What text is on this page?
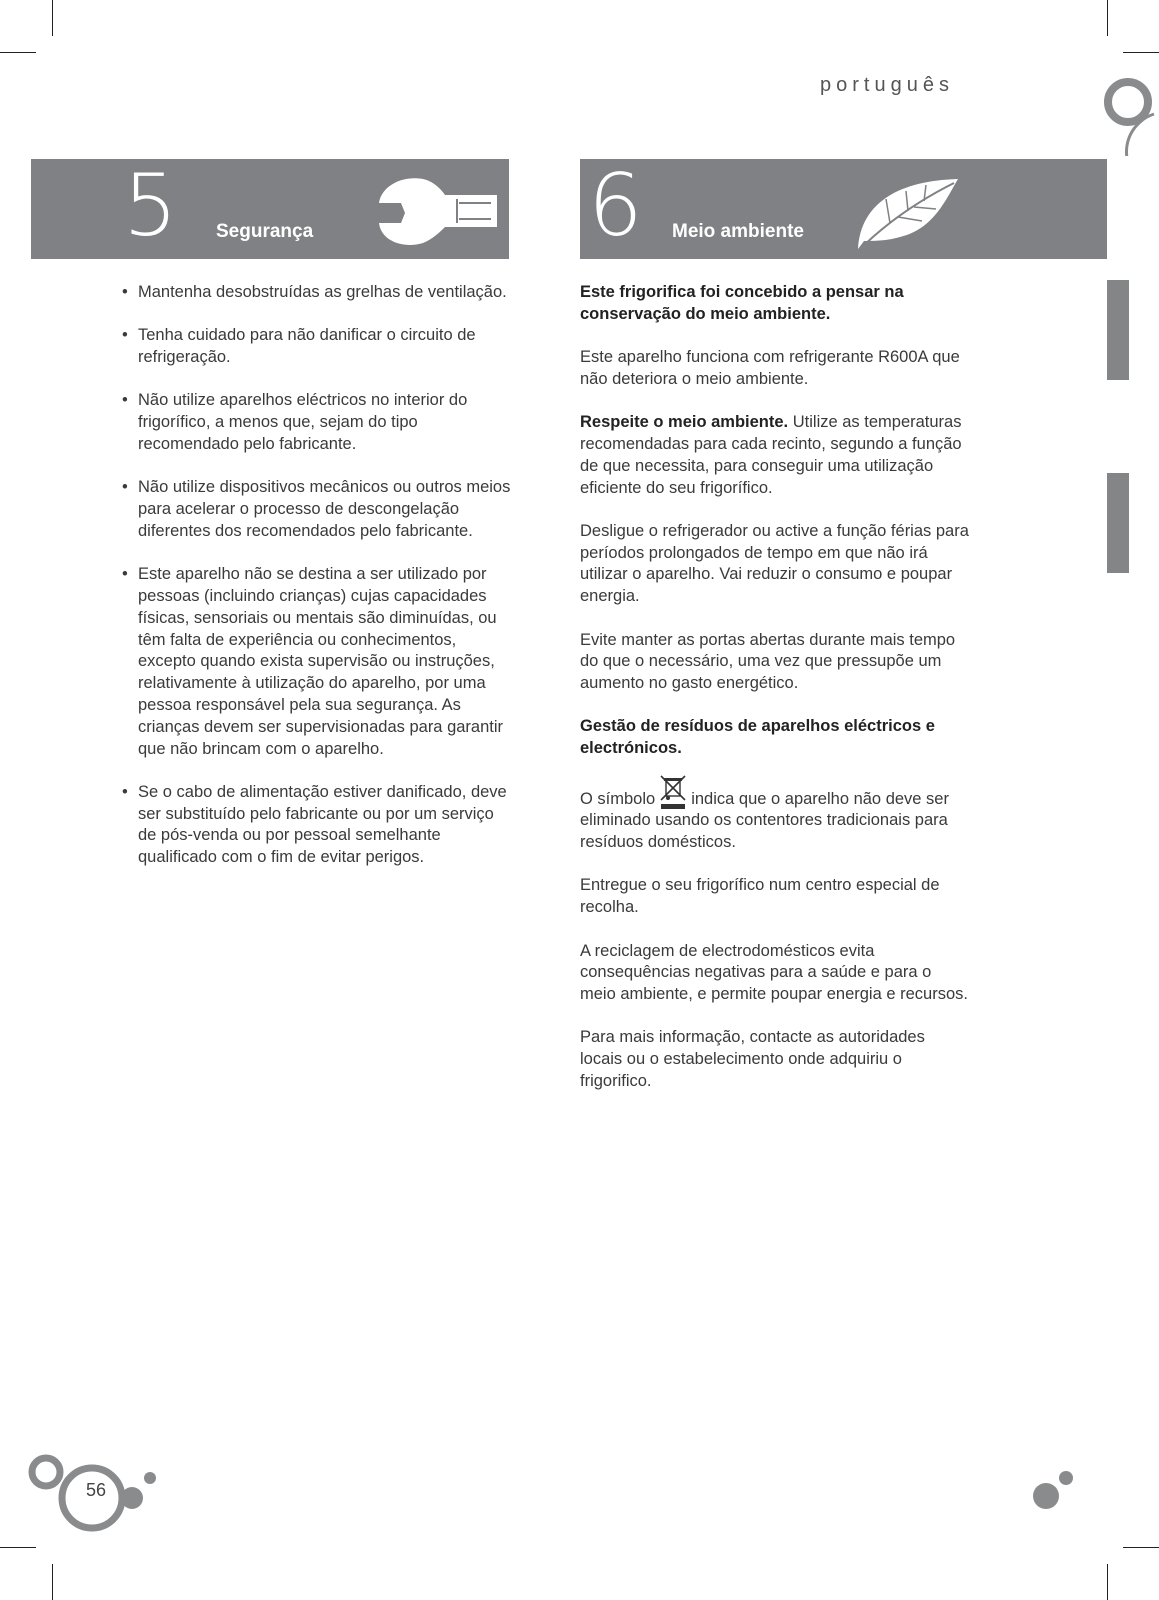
português
5 Segurança	6 Meio ambiente
• Mantenha desobstruídas as grelhas de ventilação.
• Tenha cuidado para não danificar o circuito de refrigeração.
• Não utilize aparelhos eléctricos no interior do frigorífico, a menos que, sejam do tipo recomendado pelo fabricante.
• Não utilize dispositivos mecânicos ou outros meios para acelerar o processo de descongelação diferentes dos recomendados pelo fabricante.
• Este aparelho não se destina a ser utilizado por pessoas (incluindo crianças) cujas capacidades físicas, sensoriais ou mentais são diminuídas, ou têm falta de experiência ou conhecimentos, excepto quando exista supervisão ou instruções, relativamente à utilização do aparelho, por uma pessoa responsável pela sua segurança. As crianças devem ser supervisionadas para garantir que não brincam com o aparelho.
• Se o cabo de alimentação estiver danificado, deve ser substituído pelo fabricante ou por um serviço de pós-venda ou por pessoal semelhante qualificado com o fim de evitar perigos.

Este frigorifica foi concebido a pensar na conservação do meio ambiente.

Este aparelho funciona com refrigerante R600A que não deteriora o meio ambiente.

Respeite o meio ambiente. Utilize as temperaturas recomendadas para cada recinto, segundo a função de que necessita, para conseguir uma utilização eficiente do seu frigorífico.

Desligue o refrigerador ou active a função férias para períodos prolongados de tempo em que não irá utilizar o aparelho. Vai reduzir o consumo e poupar energia.

Evite manter as portas abertas durante mais tempo do que o necessário, uma vez que pressupõe um aumento no gasto energético.

Gestão de resíduos de aparelhos eléctricos e electrónicos.

O símbolo indica que o aparelho não deve ser eliminado usando os contentores tradicionais para resíduos domésticos.

Entregue o seu frigorífico num centro especial de recolha.

A reciclagem de electrodomésticos evita consequências negativas para a saúde e para o meio ambiente, e permite poupar energia e recursos.

Para mais informação, contacte as autoridades locais ou o estabelecimento onde adquiriu o frigorifico.

56
